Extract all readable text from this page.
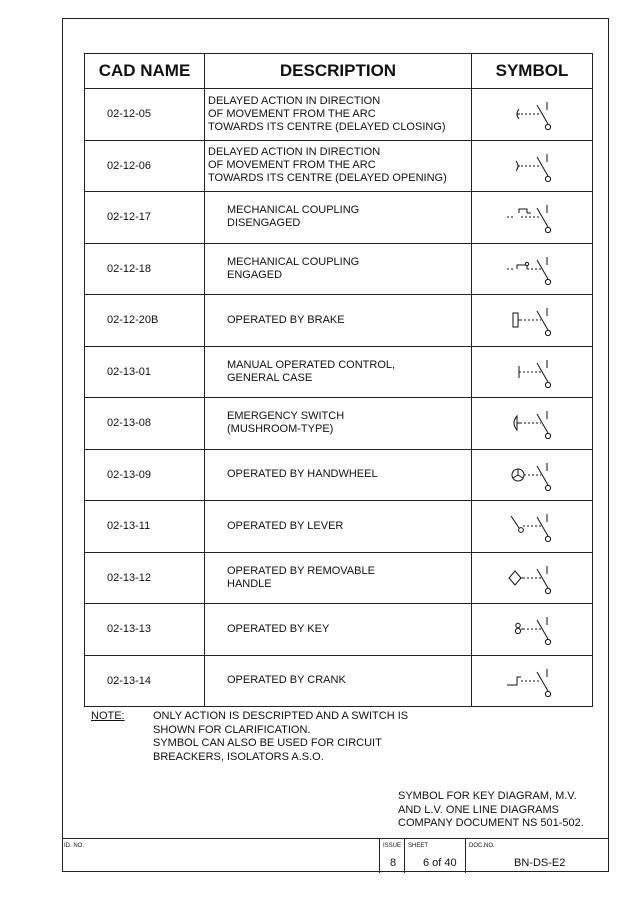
CAD NAME	DESCRIPTION	SYMBOL
02-12-05	DELAYED ACTION IN DIRECTION
OF MOVEMENT FROM THE ARC
TOWARDS ITS CENTRE (DELAYED CLOSING)	

02-12-06	DELAYED ACTION IN DIRECTION
OF MOVEMENT FROM THE ARC
TOWARDS ITS CENTRE (DELAYED OPENING)	

02-12-17	MECHANICAL COUPLING
DISENGAGED	

02-12-18	MECHANICAL COUPLING
ENGAGED	

02-12-20B	OPERATED BY BRAKE	

02-13-01	MANUAL OPERATED CONTROL,
GENERAL CASE	

02-13-08	EMERGENCY SWITCH
(MUSHROOM-TYPE)	

02-13-09	OPERATED BY HANDWHEEL	

02-13-11	OPERATED BY LEVER	

02-13-12	OPERATED BY REMOVABLE
HANDLE	

02-13-13	OPERATED BY KEY	

02-13-14	OPERATED BY CRANK	
NOTE:	ONLY ACTION IS DESCRIPTED AND A SWITCH IS
SHOWN FOR CLARIFICATION.
SYMBOL CAN ALSO BE USED FOR CIRCUIT
BREACKERS, ISOLATORS A.S.O.
SYMBOL FOR KEY DIAGRAM, M.V.
AND L.V. ONE LINE DIAGRAMS
COMPANY DOCUMENT NS 501-502.
ID. NO.	ISSUE
8
SHEET
6 of 40
DOC.NO.
BN-DS-E2
